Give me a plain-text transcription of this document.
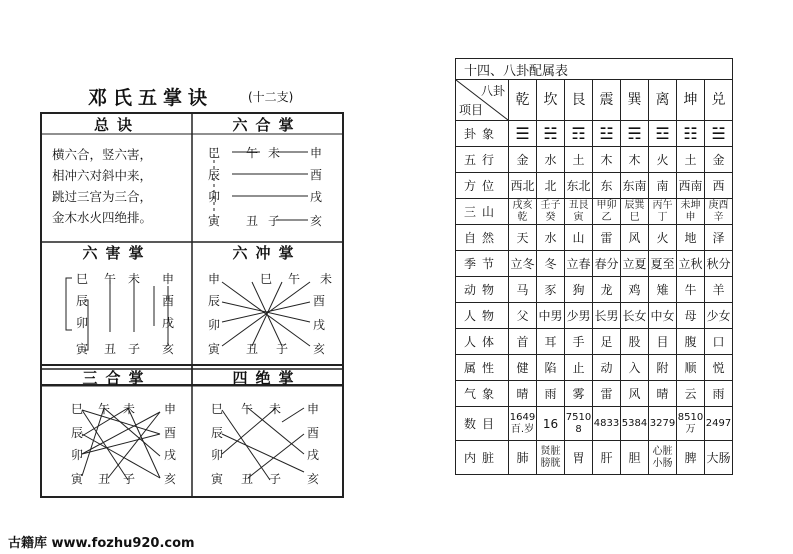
邓氏五掌诀	(十二支)
总诀
横六合，竖六害，
相冲六对斜中来，
跳过三宫为三合，
金木水火四绝排。
六合掌
巳 午 未 申
辰	酉
卯	戌
寅 丑 子 亥
六害掌
巳 午 未 申
辰	酉
卯	戌
寅 丑 子 亥
六冲掌
巳 午 未
申
辰	酉
卯	戌
寅 丑 子 亥
三合掌	四绝掌
巳 午 未 申
辰	酉
卯	戌
寅 丑 子 亥
巳 午 未 申
辰	酉
卯	戌
寅 丑 子 亥
十四、八卦配属表								

八卦
项目	乾	坎	艮	震	巽	离	坤	兑
卦象	☰	☵	☶	☳	☴	☲	☷	☱
五行	金	水	土	木	木	火	土	金
方位	西北	北	东北	东	东南	南	西南	西
三山	戌亥乾	壬子癸	丑艮寅	甲卯乙	辰巽巳	丙午丁	未坤申	庚酉辛
自然	天	水	山	雷	风	火	地	泽
季节	立冬	冬	立春	春分	立夏	夏至	立秋	秋分
动物	马	豕	狗	龙	鸡	雉	牛	羊
人物	父	中男	少男	长男	长女	中女	母	少女
人体	首	耳	手	足	股	目	腹	口
属性	健	陷	止	动	入	附	顺	悦
气象	晴	雨	雾	雷	风	晴	云	雨
数目	1649百.岁	16	7510 8	4833	5384	3279	8510万	2497
内脏	肺	贤脏膀胱	胃	肝	胆	心脏小肠	脾	大肠
古籍库 www.fozhu920.com
